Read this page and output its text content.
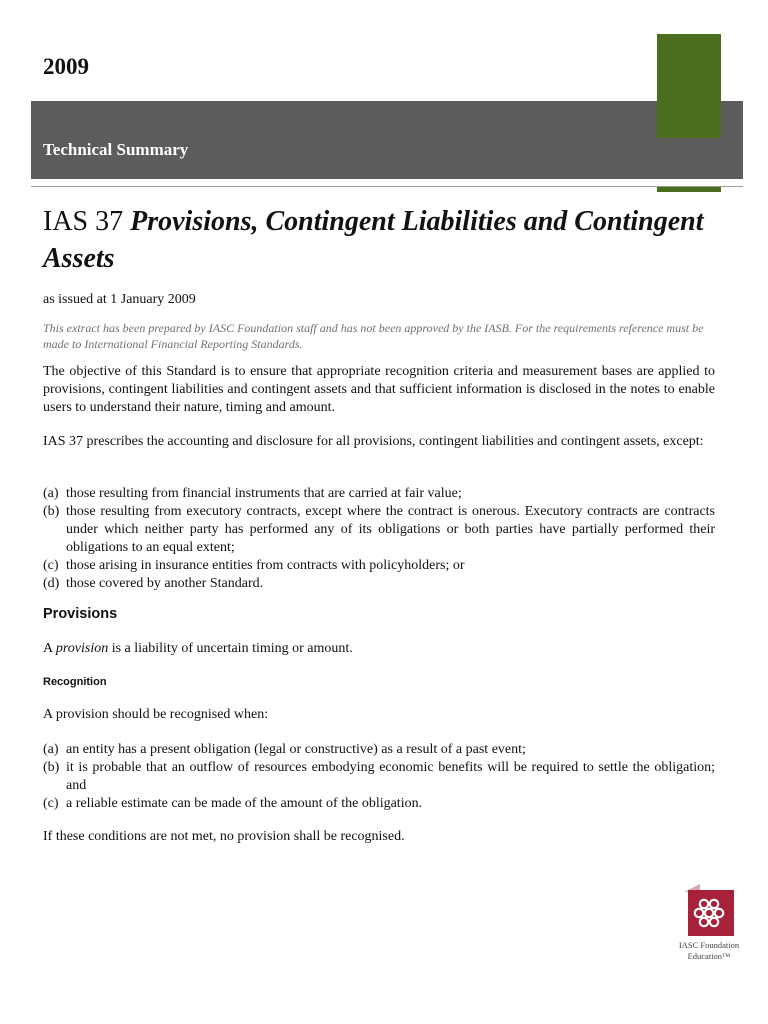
2009
Technical Summary
IAS 37 Provisions, Contingent Liabilities and Contingent Assets
as issued at 1 January 2009
This extract has been prepared by IASC Foundation staff and has not been approved by the IASB. For the requirements reference must be made to International Financial Reporting Standards.

The objective of this Standard is to ensure that appropriate recognition criteria and measurement bases are applied to provisions, contingent liabilities and contingent assets and that sufficient information is disclosed in the notes to enable users to understand their nature, timing and amount.

IAS 37 prescribes the accounting and disclosure for all provisions, contingent liabilities and contingent assets, except:

(a) those resulting from financial instruments that are carried at fair value;
(b) those resulting from executory contracts, except where the contract is onerous. Executory contracts are contracts under which neither party has performed any of its obligations or both parties have partially performed their obligations to an equal extent;
(c) those arising in insurance entities from contracts with policyholders; or
(d) those covered by another Standard.
Provisions

A provision is a liability of uncertain timing or amount.

Recognition

A provision should be recognised when:

(a) an entity has a present obligation (legal or constructive) as a result of a past event;
(b) it is probable that an outflow of resources embodying economic benefits will be required to settle the obligation; and
(c) a reliable estimate can be made of the amount of the obligation.

If these conditions are not met, no provision shall be recognised.

IASC Foundation
Education™
